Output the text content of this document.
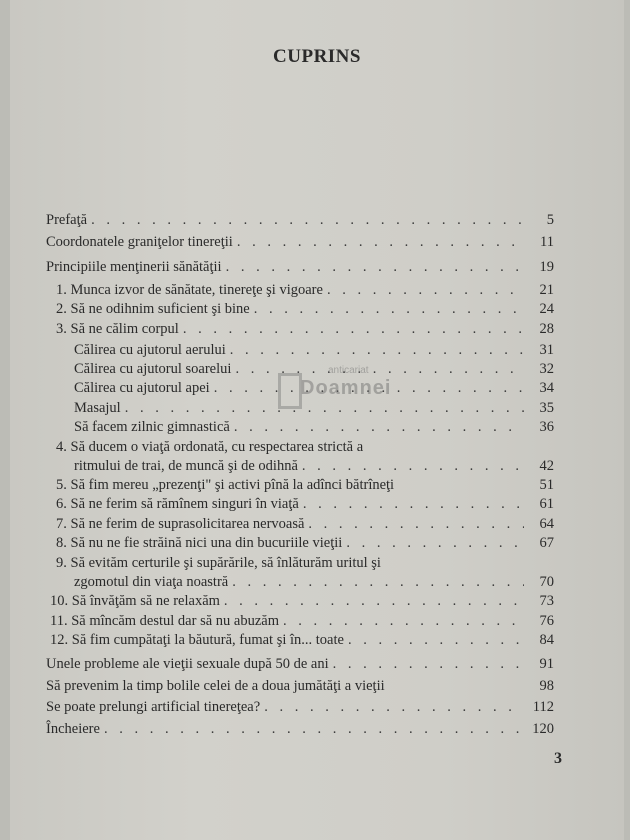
CUPRINS
Prefaţă . . .	5
Coordonatele graniţelor tinereţii . . .	11
Principiile menţinerii sănătăţii . . .	19
1. Munca izvor de sănătate, tinereţe şi vigoare . . .	21
2. Să ne odihnim suficient şi bine . . .	24
3. Să ne călim corpul . . .	28
Călirea cu ajutorul aerului . . .	31
Călirea cu ajutorul soarelui . . .	32
Călirea cu ajutorul apei . . .	34
Masajul . . .	35
Să facem zilnic gimnastică . . .	36
4. Să ducem o viaţă ordonată, cu respectarea strictă a
ritmului de trai, de muncă şi de odihnă . . .	42
5. Să fim mereu „prezenţi" şi activi pînă la adînci bătrîneţi	51
6. Să ne ferim să rămînem singuri în viaţă . . .	61
7. Să ne ferim de suprasolicitarea nervoasă . . .	64
8. Să nu ne fie străină nici una din bucuriile vieţii . . .	67
9. Să evităm certurile şi supărările, să înlăturăm uritul şi
zgomotul din viaţa noastră . . .	70
10. Să învăţăm să ne relaxăm . . .	73
11. Să mîncăm destul dar să nu abuzăm . . .	76
12. Să fim cumpătaţi la băutură, fumat şi în... toate . . .	84
Unele probleme ale vieţii sexuale după 50 de ani . . .	91
Să prevenim la timp bolile celei de a doua jumătăţi a vieţii	98
Se poate prelungi artificial tinereţea? . . .	112
Încheiere . . .	120
3
anticariat
Doamnei
